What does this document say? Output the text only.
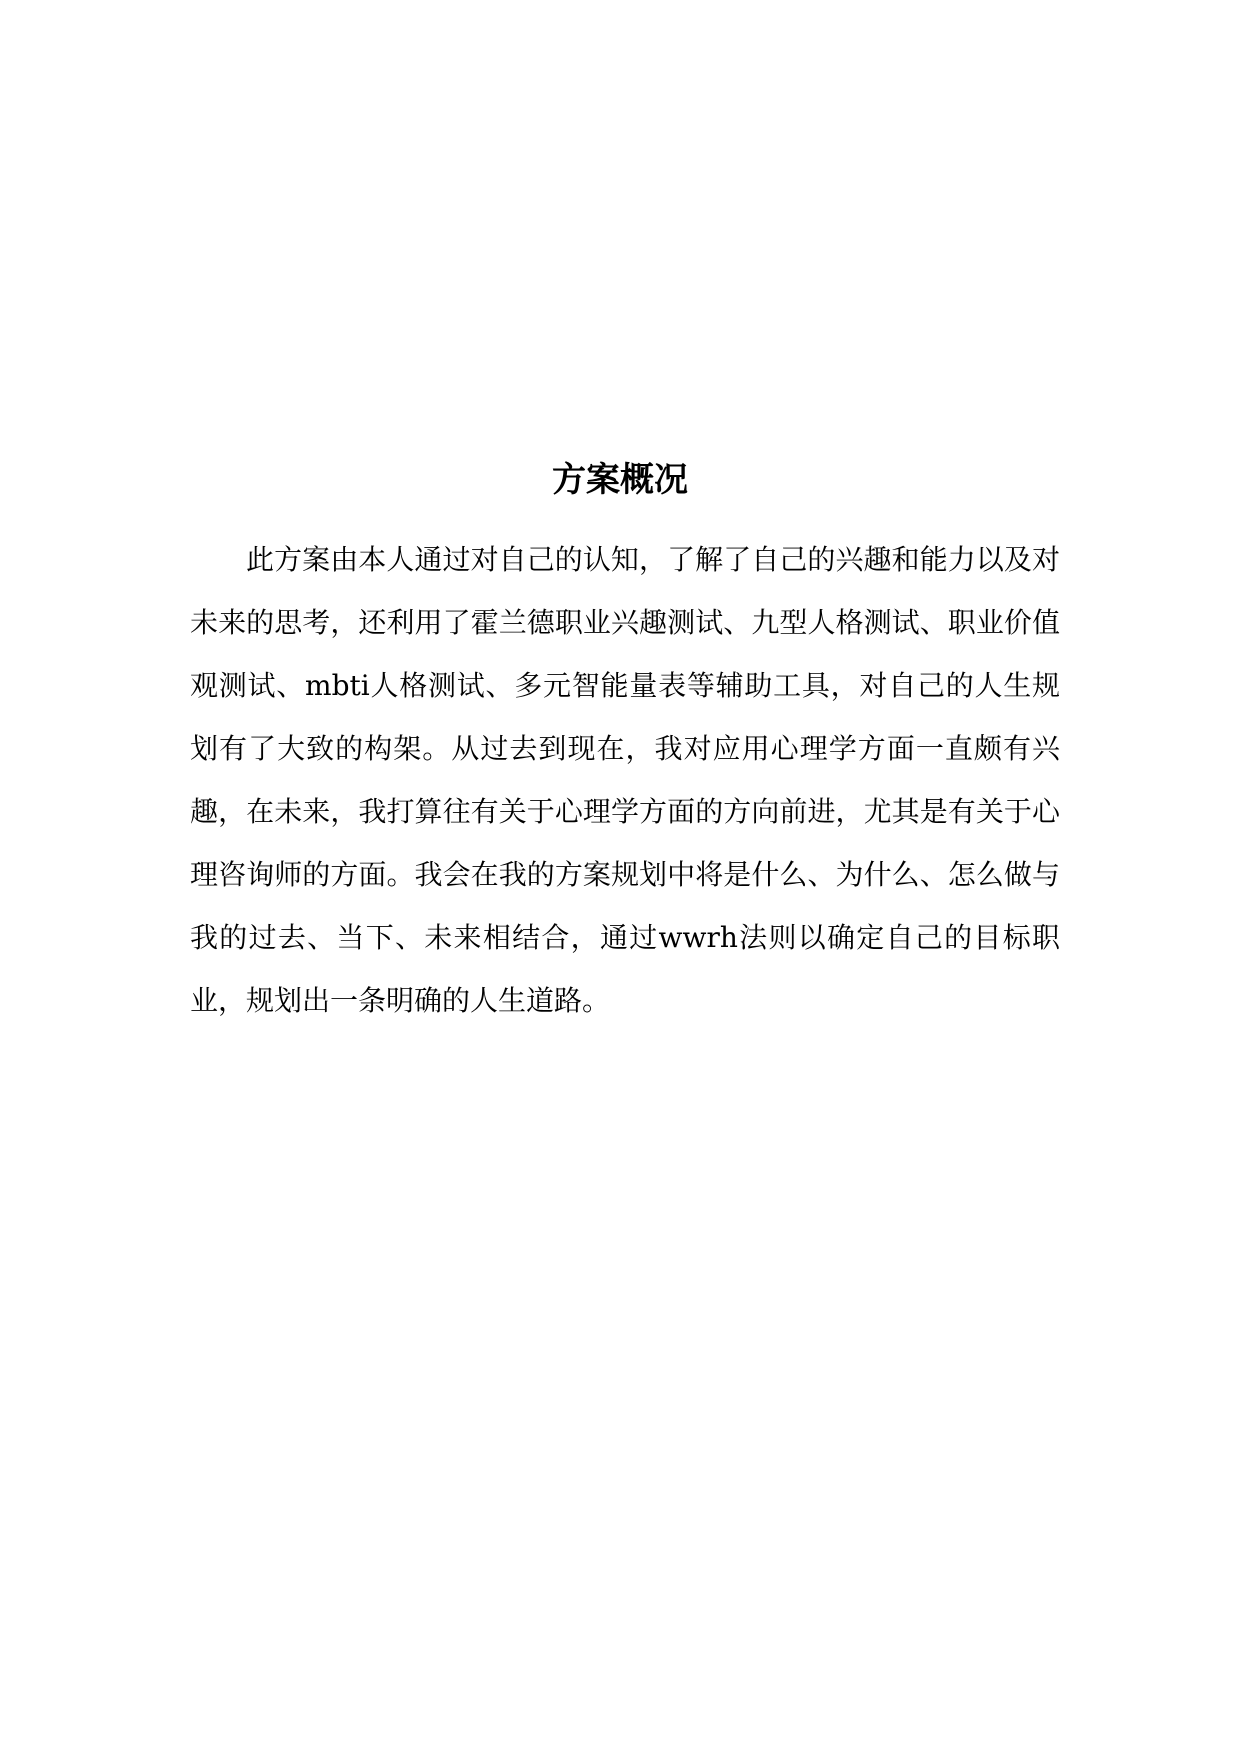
方案概况

此方案由本人通过对自己的认知，了解了自己的兴趣和能力以及对未来的思考，还利用了霍兰德职业兴趣测试、九型人格测试、职业价值观测试、mbti人格测试、多元智能量表等辅助工具，对自己的人生规划有了大致的构架。从过去到现在，我对应用心理学方面一直颇有兴趣，在未来，我打算往有关于心理学方面的方向前进，尤其是有关于心理咨询师的方面。我会在我的方案规划中将是什么、为什么、怎么做与我的过去、当下、未来相结合，通过wwrh法则以确定自己的目标职业，规划出一条明确的人生道路。
